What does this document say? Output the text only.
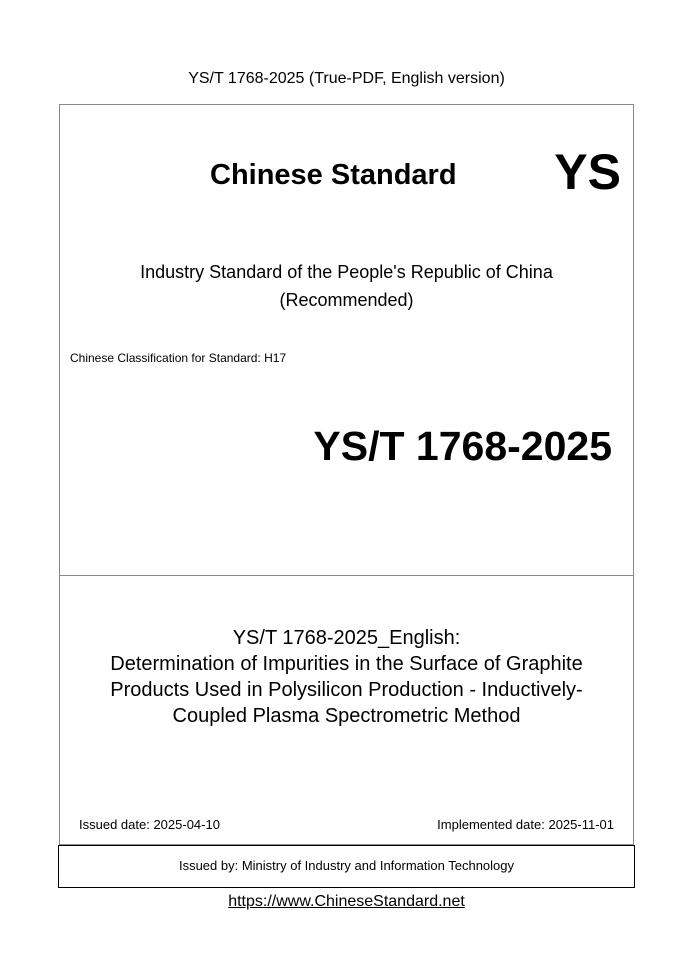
YS/T 1768-2025 (True-PDF, English version)
Chinese Standard YS
Industry Standard of the People's Republic of China
(Recommended)
Chinese Classification for Standard: H17
YS/T 1768-2025
YS/T 1768-2025_English:
Determination of Impurities in the Surface of Graphite
Products Used in Polysilicon Production - Inductively-
Coupled Plasma Spectrometric Method
Issued date: 2025-04-10	Implemented date: 2025-11-01
Issued by: Ministry of Industry and Information Technology
https://www.ChineseStandard.net
